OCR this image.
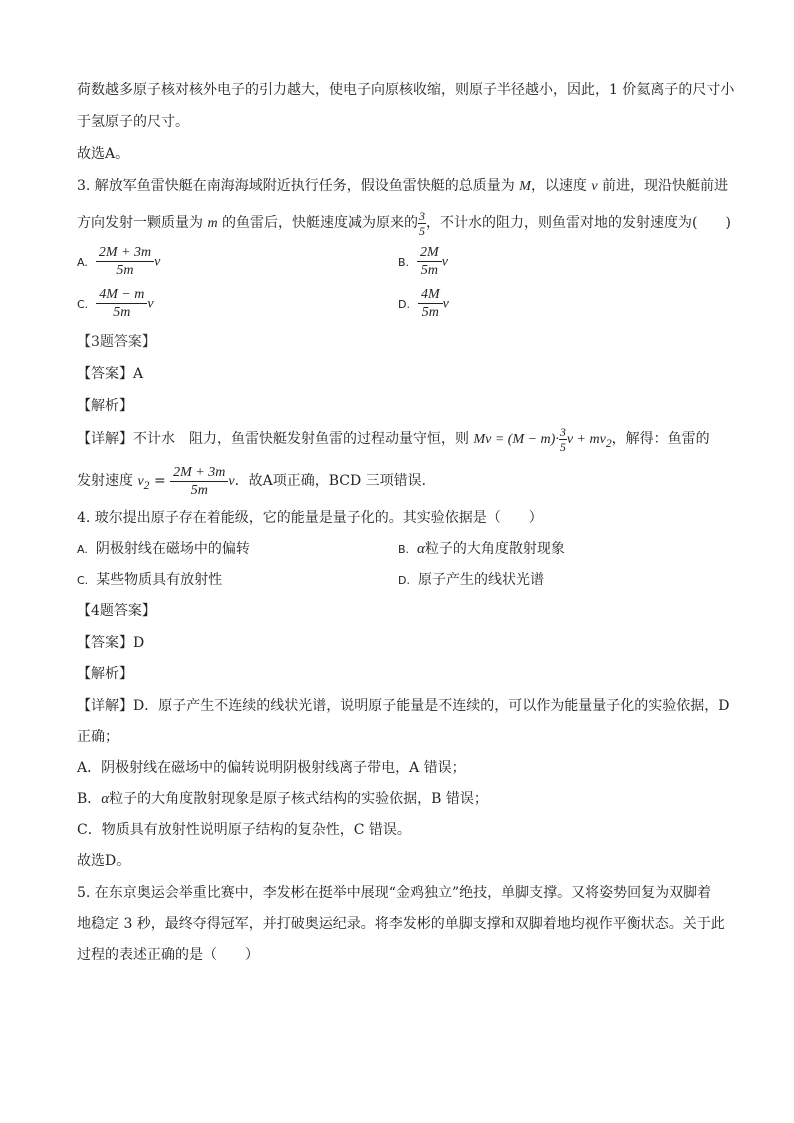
荷数越多原子核对核外电子的引力越大，使电子向原核收缩，则原子半径越小，因此，1 价氦离子的尺寸小
于氢原子的尺寸。
故选A。
3. 解放军鱼雷快艇在南海海域附近执行任务，假设鱼雷快艇的总质量为 M，以速度 v 前进，现沿快艇前进
方向发射一颗质量为 m 的鱼雷后，快艇速度减为原来的 $\frac{3}{5}$ ，不计水的阻力，则鱼雷对地的发射速度为(　　)
A. $\frac{2M + 3m}{5m}$ v	B. $\frac{2M}{5m}$ v
C. $\frac{4M - m}{5m}$ v	D. $\frac{4M}{5m}$ v
【3题答案】
【答案】A
【解析】
【详解】不计水　阻力，鱼雷快艇发射鱼雷的过程动量守恒，则 $Mv = (M - m)\cdot \frac{3}{5}$ $v + mv_2$，解得：鱼雷的
发射速度 $v_2 = \frac{2M + 3m}{5m}$ v．故A项正确，BCD 三项错误．
4. 玻尔提出原子存在着能级，它的能量是量子化的。其实验依据是（　　）
A. 阴极射线在磁场中的偏转	B. α粒子的大角度散射现象
C. 某些物质具有放射性	D. 原子产生的线状光谱
【4题答案】
【答案】D
【解析】
【详解】D．原子产生不连续的线状光谱，说明原子能量是不连续的，可以作为能量量子化的实验依据，D
正确；
A．阴极射线在磁场中的偏转说明阴极射线离子带电，A 错误；
B．α粒子的大角度散射现象是原子核式结构的实验依据，B 错误；
C．物质具有放射性说明原子结构的复杂性，C 错误。
故选D。
5. 在东京奥运会举重比赛中，李发彬在挺举中展现“金鸡独立”绝技，单脚支撑。又将姿势回复为双脚着
地稳定 3 秒，最终夺得冠军，并打破奥运纪录。将李发彬的单脚支撑和双脚着地均视作平衡状态。关于此
过程的表述正确的是（　　）
